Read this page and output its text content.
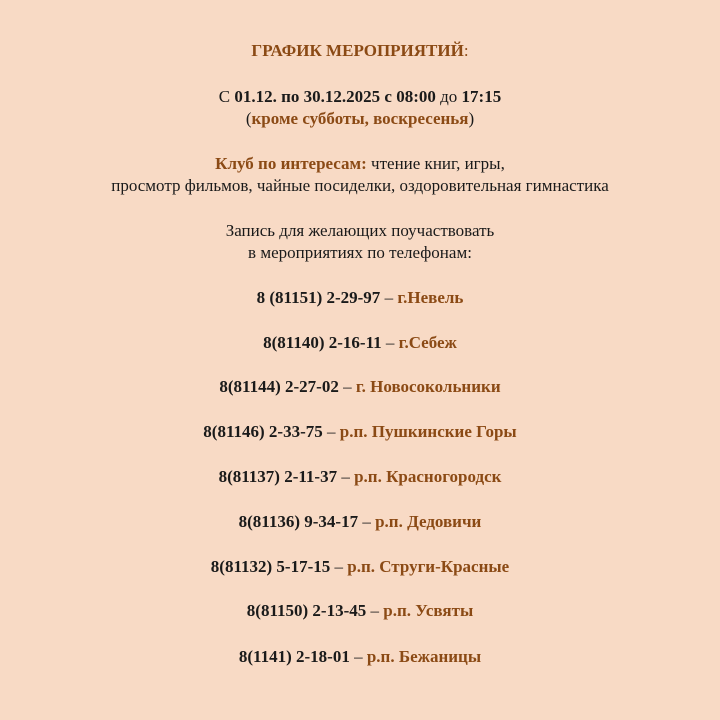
ГРАФИК МЕРОПРИЯТИЙ:
С 01.12. по 30.12.2025 с 08:00 до 17:15
(кроме субботы, воскресенья)
Клуб по интересам: чтение книг, игры,
просмотр фильмов, чайные посиделки, оздоровительная гимнастика
Запись для желающих поучаствовать
в мероприятиях по телефонам:
8 (81151) 2-29-97 – г.Невель
8(81140) 2-16-11 – г.Себеж
8(81144) 2-27-02 – г. Новосокольники
8(81146) 2-33-75 – р.п. Пушкинские Горы
8(81137) 2-11-37 – р.п. Красногородск
8(81136) 9-34-17 – р.п. Дедовичи
8(81132) 5-17-15 – р.п. Струги-Красные
8(81150) 2-13-45 – р.п. Усвяты
8(1141) 2-18-01 – р.п. Бежаницы
